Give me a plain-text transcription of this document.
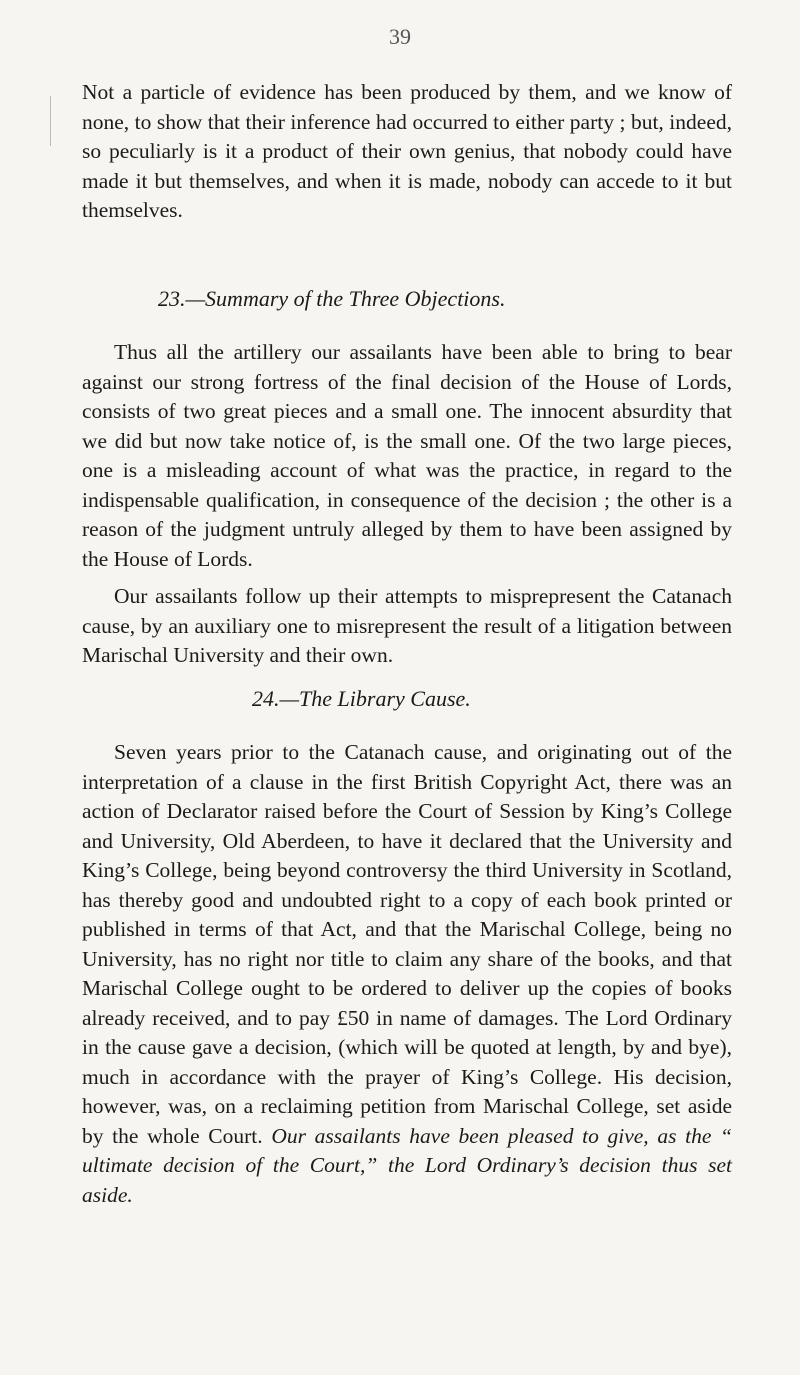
39

Not a particle of evidence has been produced by them, and we know of none, to show that their inference had occurred to either party ; but, indeed, so peculiarly is it a product of their own genius, that nobody could have made it but themselves, and when it is made, nobody can accede to it but themselves.

23.—Summary of the Three Objections.

Thus all the artillery our assailants have been able to bring to bear against our strong fortress of the final decision of the House of Lords, consists of two great pieces and a small one. The innocent absurdity that we did but now take notice of, is the small one. Of the two large pieces, one is a misleading account of what was the practice, in regard to the indispensable qualification, in consequence of the decision ; the other is a reason of the judgment untruly alleged by them to have been assigned by the House of Lords.

Our assailants follow up their attempts to misprepresent the Catanach cause, by an auxiliary one to misrepresent the result of a litigation between Marischal University and their own.

24.—The Library Cause.

Seven years prior to the Catanach cause, and originating out of the interpretation of a clause in the first British Copyright Act, there was an action of Declarator raised before the Court of Session by King’s College and University, Old Aberdeen, to have it declared that the University and King’s College, being beyond controversy the third University in Scotland, has thereby good and undoubted right to a copy of each book printed or published in terms of that Act, and that the Marischal College, being no University, has no right nor title to claim any share of the books, and that Marischal College ought to be ordered to deliver up the copies of books already received, and to pay £50 in name of damages. The Lord Ordinary in the cause gave a decision, (which will be quoted at length, by and bye), much in accordance with the prayer of King’s College. His decision, however, was, on a reclaiming petition from Marischal College, set aside by the whole Court. Our assailants have been pleased to give, as the “ ultimate decision of the Court,” the Lord Ordinary’s decision thus set aside.
